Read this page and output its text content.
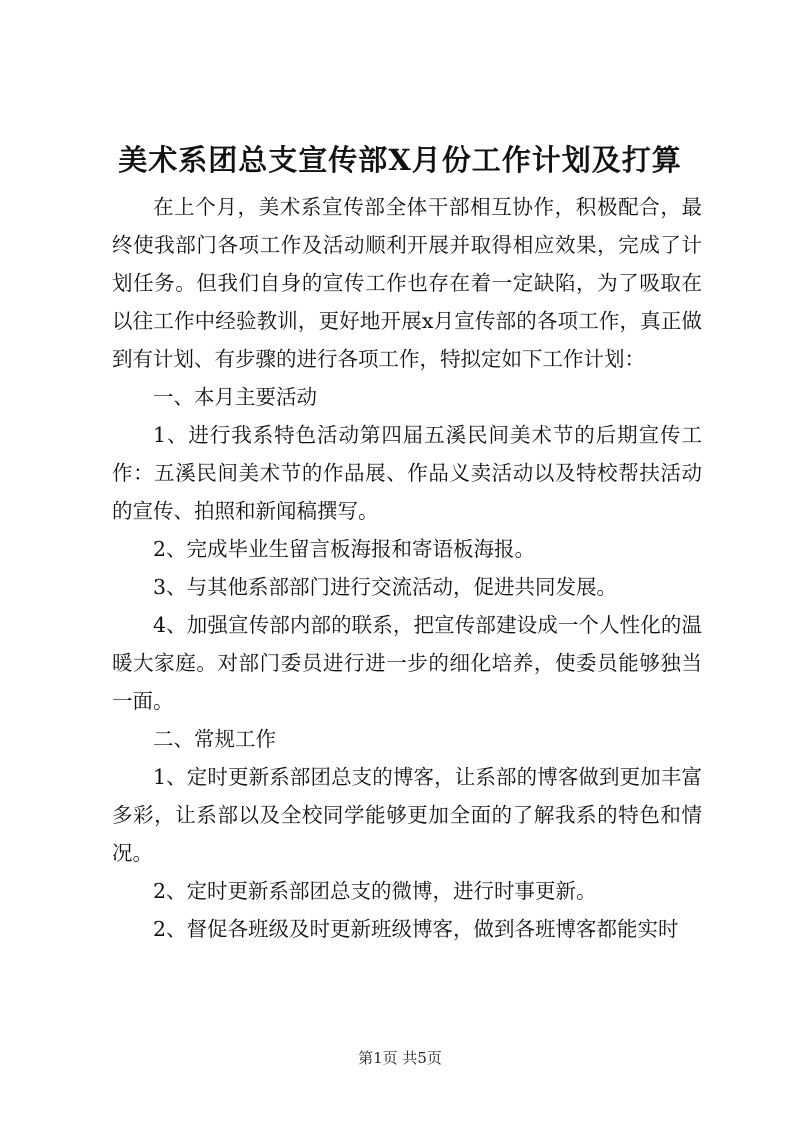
美术系团总支宣传部X月份工作计划及打算

在上个月，美术系宣传部全体干部相互协作，积极配合，最终使我部门各项工作及活动顺利开展并取得相应效果，完成了计划任务。但我们自身的宣传工作也存在着一定缺陷，为了吸取在以往工作中经验教训，更好地开展x月宣传部的各项工作，真正做到有计划、有步骤的进行各项工作，特拟定如下工作计划：

一、本月主要活动

1、进行我系特色活动第四届五溪民间美术节的后期宣传工作：五溪民间美术节的作品展、作品义卖活动以及特校帮扶活动的宣传、拍照和新闻稿撰写。

2、完成毕业生留言板海报和寄语板海报。

3、与其他系部部门进行交流活动，促进共同发展。

4、加强宣传部内部的联系，把宣传部建设成一个人性化的温暖大家庭。对部门委员进行进一步的细化培养，使委员能够独当一面。

二、常规工作

1、定时更新系部团总支的博客，让系部的博客做到更加丰富多彩，让系部以及全校同学能够更加全面的了解我系的特色和情况。

2、定时更新系部团总支的微博，进行时事更新。

2、督促各班级及时更新班级博客，做到各班博客都能实时

第1页 共5页
